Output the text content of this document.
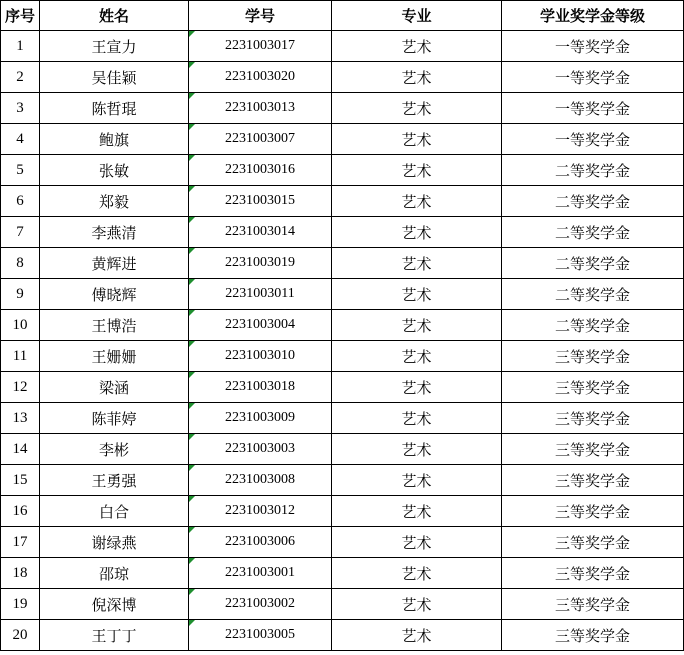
序号	姓名	学号	专业	学业奖学金等级
1	王宣力	2231003017	艺术	一等奖学金
2	吴佳颖	2231003020	艺术	一等奖学金
3	陈哲琨	2231003013	艺术	一等奖学金
4	鲍旗	2231003007	艺术	一等奖学金
5	张敏	2231003016	艺术	二等奖学金
6	郑毅	2231003015	艺术	二等奖学金
7	李燕清	2231003014	艺术	二等奖学金
8	黄辉进	2231003019	艺术	二等奖学金
9	傅晓辉	2231003011	艺术	二等奖学金
10	王博浩	2231003004	艺术	二等奖学金
11	王姗姗	2231003010	艺术	三等奖学金
12	梁涵	2231003018	艺术	三等奖学金
13	陈菲婷	2231003009	艺术	三等奖学金
14	李彬	2231003003	艺术	三等奖学金
15	王勇强	2231003008	艺术	三等奖学金
16	白合	2231003012	艺术	三等奖学金
17	谢绿燕	2231003006	艺术	三等奖学金
18	邵琼	2231003001	艺术	三等奖学金
19	倪深博	2231003002	艺术	三等奖学金
20	王丁丁	2231003005	艺术	三等奖学金
